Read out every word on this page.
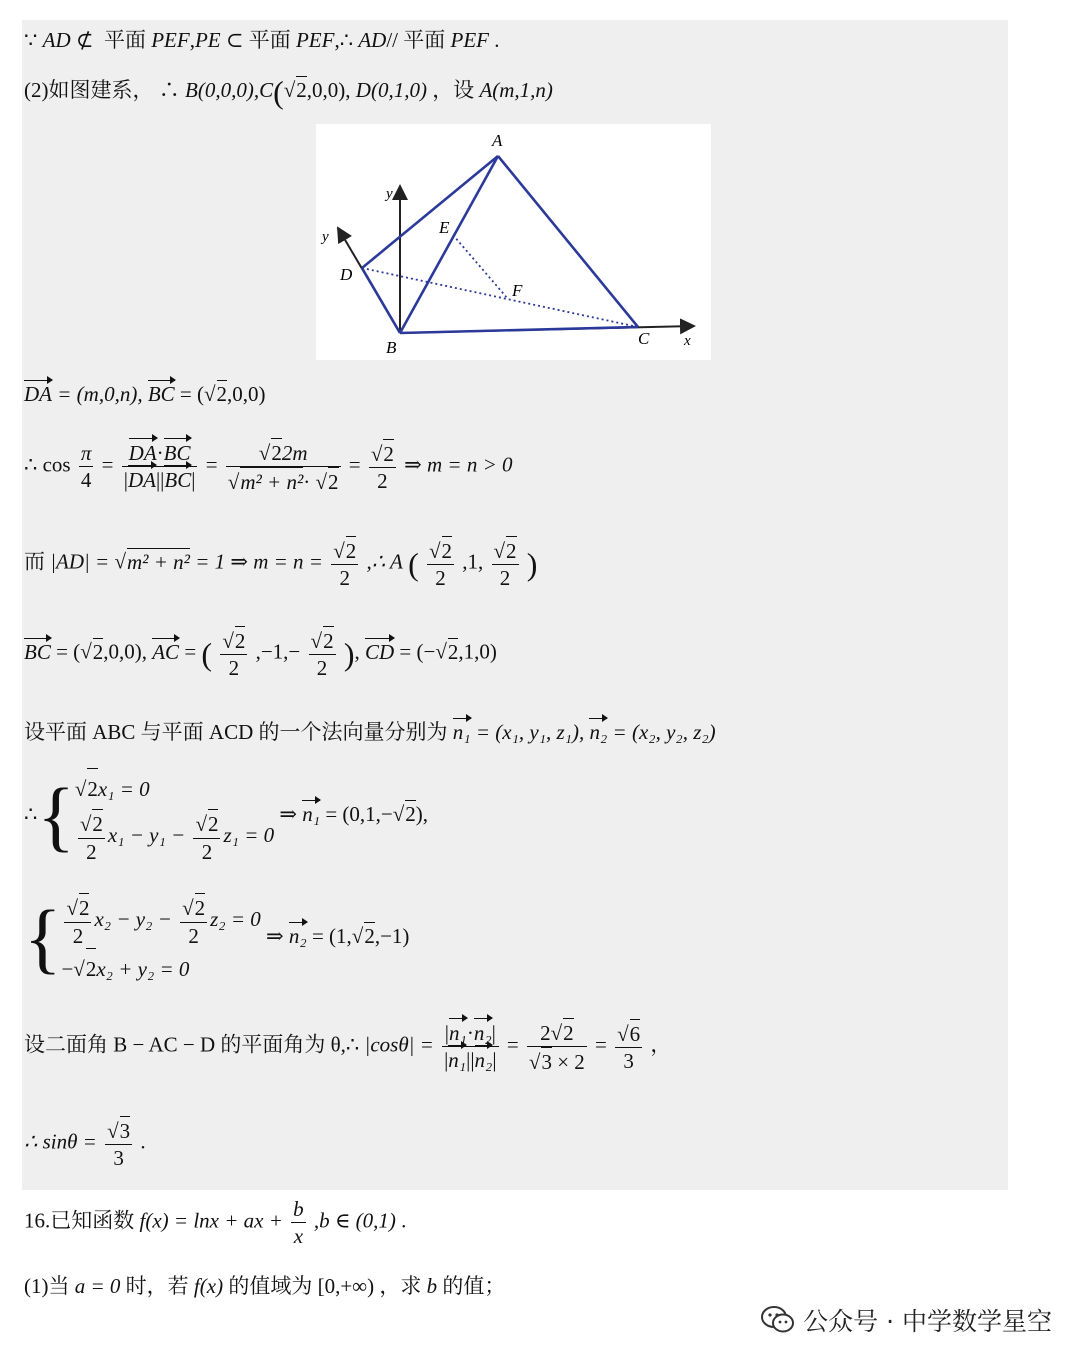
∵ AD ⊄ 平面 PEF,PE ⊂ 平面 PEF,∴ AD// 平面 PEF .
(2)如图建系， ∴ B(0,0,0),C(√2,0,0), D(0,1,0) ，设 A(m,1,n)
A
B	C
D
E
F
y
y
x
DA = (m,0,n), BC = (√2,0,0)
∴ $\cos \frac{\pi}{4} = \frac{DA\cdot BC}{|DA||BC|} = \frac{√22m}{\text{√m² + n²· √2}} = \frac{√2}{2}$ ⇒ m = n > 0
而 |AD| = √m² + n² = 1 ⇒ $m = n = \frac{√2}{2}$ ,∴ A ( $\frac{√2}{2} ,1$, $\frac{√2}{2}$ )
BC = (√2,0,0), AC = ( $\frac{√2}{2} ,-1,- \frac{√2}{2}$ ), CD = (−√2,1,0)
设平面 ABC 与平面 ACD 的一个法向量分别为 n₁ = (x₁, y₁, z₁), n₂ = (x₂, y₂, z₂)
∴{ √2x₁ = 0
$\frac{√2}{2} x_1 - y_1 - \frac{√2}{2} z_1 = 0$
⇒ n₁ = (0,1,−√2),
{ $\frac{√2}{2} x_2 - y_2 - \frac{√2}{2} z_2 = 0$
−√2x₂ + y₂ = 0
⇒ n₂ = (1,√2,−1)
设二面角 B − AC − D 的平面角为 θ,∴ $|\cos\theta| = \frac{\text{|n₁·n₂|}}{\text{|n₁||n₂|}} = \frac{2√2}{√3 \times 2} = \frac{√6}{3}$ ，
∴ $\sin\theta = \frac{√3}{3}$ .
16.已知函数 f(x) = lnx + ax + $\frac{b}{x} ,b$ ∈ (0,1) .
(1)当 a = 0 时，若 f(x) 的值域为 [0,+∞) ，求 b 的值；
公众号 · 中学数学星空
